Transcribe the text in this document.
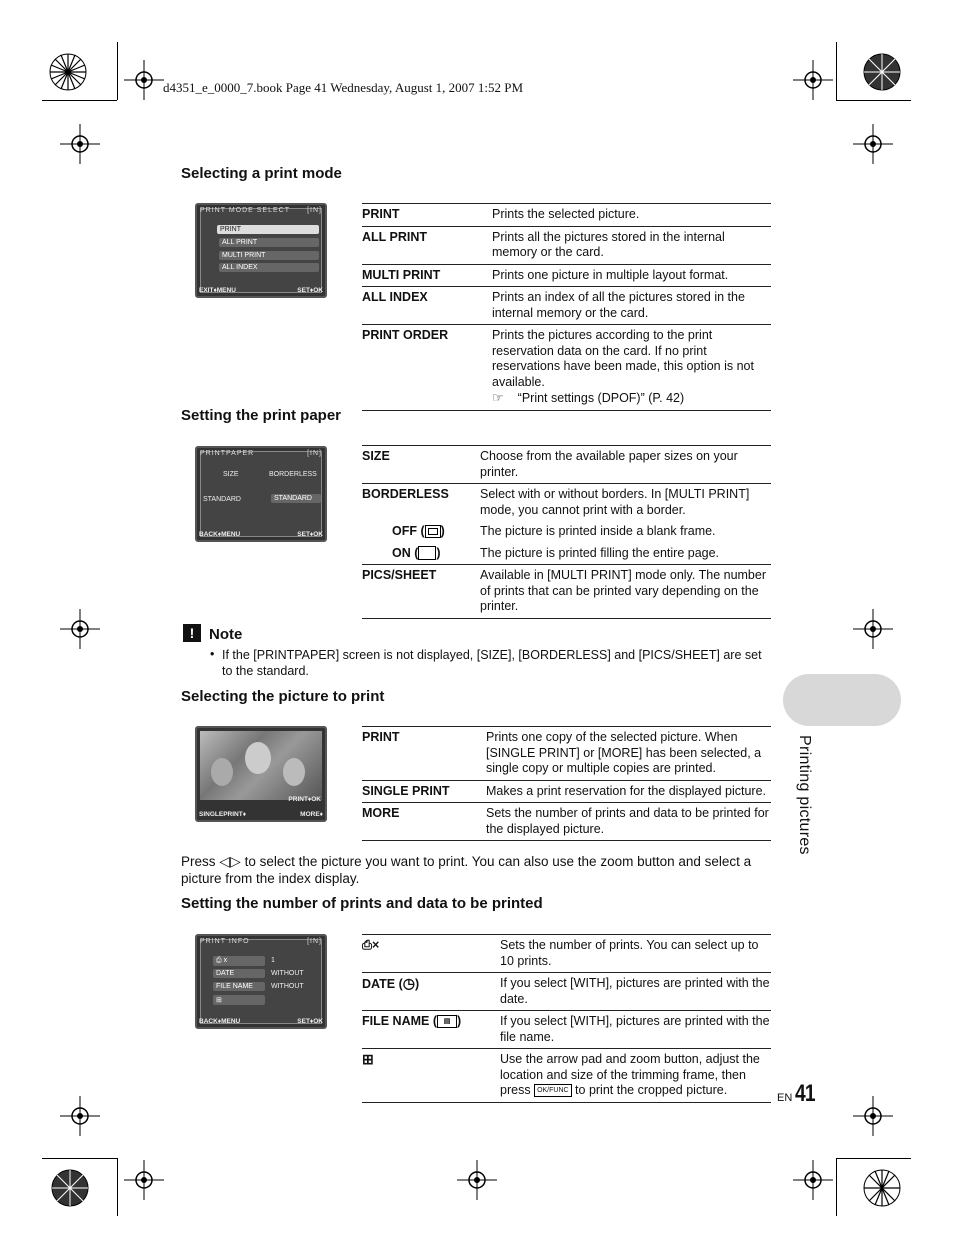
d4351_e_0000_7.book Page 41 Wednesday, August 1, 2007 1:52 PM
Selecting a print mode
[IN]
PRINT MODE SELECT
PRINT
ALL PRINT
MULTI PRINT
ALL INDEX
EXIT♦MENU	SET♦OK
PRINT	Prints the selected picture.
ALL PRINT	Prints all the pictures stored in the internal memory or the card.
MULTI PRINT	Prints one picture in multiple layout format.
ALL INDEX	Prints an index of all the pictures stored in the internal memory or the card.
PRINT ORDER	Prints the pictures according to the print reservation data on the card. If no print reservations have been made, this option is not available.
☞ “Print settings (DPOF)” (P. 42)
Setting the print paper
[IN]
PRINTPAPER
SIZE	BORDERLESS
STANDARD	STANDARD
BACK♦MENU	SET♦OK
SIZE	Choose from the available paper sizes on your printer.
BORDERLESS	Select with or without borders. In [MULTI PRINT] mode, you cannot print with a border.
OFF ( )	The picture is printed inside a blank frame.
ON ( )	The picture is printed filling the entire page.
PICS/SHEET	Available in [MULTI PRINT] mode only. The number of prints that can be printed vary depending on the printer.
! Note
• If the [PRINTPAPER] screen is not displayed, [SIZE], [BORDERLESS] and [PICS/SHEET] are set to the standard.
Selecting the picture to print
PRINT♦OK
SINGLEPRINT♦	MORE♦
PRINT	Prints one copy of the selected picture. When [SINGLE PRINT] or [MORE] has been selected, a single copy or multiple copies are printed.
SINGLE PRINT	Makes a print reservation for the displayed picture.
MORE	Sets the number of prints and data to be printed for the displayed picture.
Press ◁▷ to select the picture you want to print. You can also use the zoom button and select a picture from the index display.
Setting the number of prints and data to be printed
[IN]
PRINT INFO
⎙ x	1
DATE	WITHOUT
FILE NAME	WITHOUT
⊞
BACK♦MENU	SET♦OK
⎙×	Sets the number of prints. You can select up to 10 prints.
DATE (◷)	If you select [WITH], pictures are printed with the date.
FILE NAME ( ▤ )	If you select [WITH], pictures are printed with the file name.
⊞	Use the arrow pad and zoom button, adjust the location and size of the trimming frame, then press OK/FUNC to print the cropped picture.
Printing pictures
EN 41
